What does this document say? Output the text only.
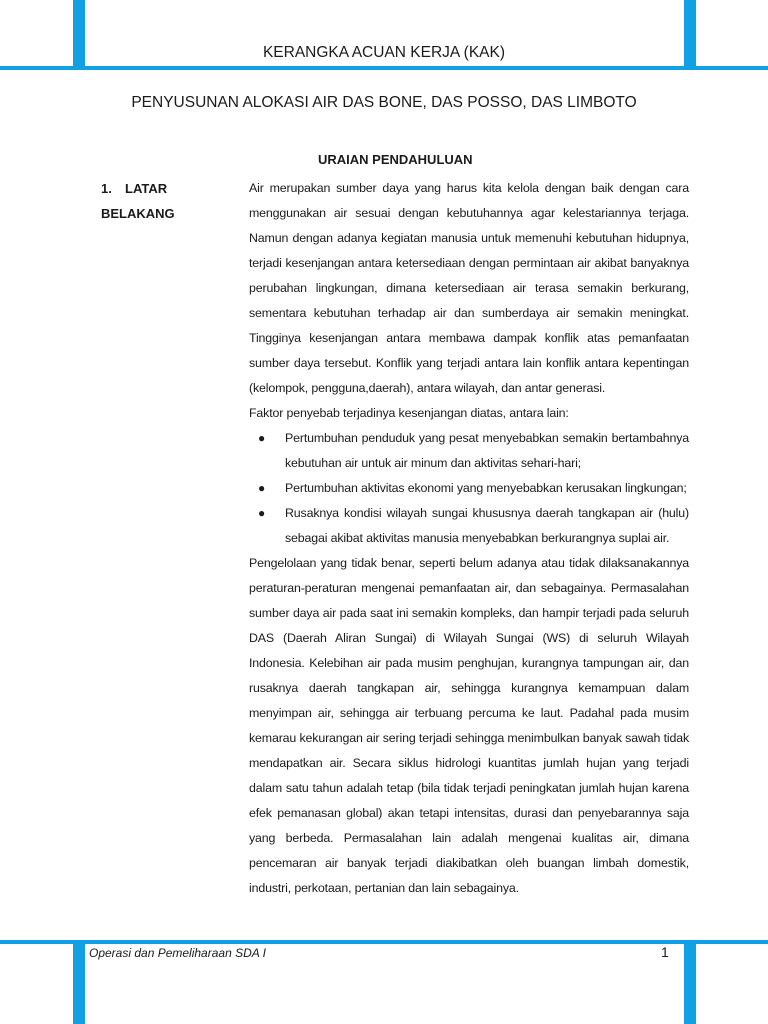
KERANGKA ACUAN KERJA (KAK)
PENYUSUNAN ALOKASI AIR DAS BONE, DAS POSSO, DAS LIMBOTO
URAIAN PENDAHULUAN
1. LATAR
BELAKANG

Air merupakan sumber daya yang harus kita kelola dengan baik dengan cara menggunakan air sesuai dengan kebutuhannya agar kelestariannya terjaga. Namun dengan adanya kegiatan manusia untuk memenuhi kebutuhan hidupnya, terjadi kesenjangan antara ketersediaan dengan permintaan air akibat banyaknya perubahan lingkungan, dimana ketersediaan air terasa semakin berkurang, sementara kebutuhan terhadap air dan sumberdaya air semakin meningkat. Tingginya kesenjangan antara membawa dampak konflik atas pemanfaatan sumber daya tersebut. Konflik yang terjadi antara lain konflik antara kepentingan (kelompok, pengguna,daerah), antara wilayah, dan antar generasi.

Faktor penyebab terjadinya kesenjangan diatas, antara lain:

● Pertumbuhan penduduk yang pesat menyebabkan semakin bertambahnya kebutuhan air untuk air minum dan aktivitas sehari-hari;
● Pertumbuhan aktivitas ekonomi yang menyebabkan kerusakan lingkungan;
● Rusaknya kondisi wilayah sungai khususnya daerah tangkapan air (hulu) sebagai akibat aktivitas manusia menyebabkan berkurangnya suplai air.

Pengelolaan yang tidak benar, seperti belum adanya atau tidak dilaksanakannya peraturan-peraturan mengenai pemanfaatan air, dan sebagainya. Permasalahan sumber daya air pada saat ini semakin kompleks, dan hampir terjadi pada seluruh DAS (Daerah Aliran Sungai) di Wilayah Sungai (WS) di seluruh Wilayah Indonesia. Kelebihan air pada musim penghujan, kurangnya tampungan air, dan rusaknya daerah tangkapan air, sehingga kurangnya kemampuan dalam menyimpan air, sehingga air terbuang percuma ke laut. Padahal pada musim kemarau kekurangan air sering terjadi sehingga menimbulkan banyak sawah tidak mendapatkan air. Secara siklus hidrologi kuantitas jumlah hujan yang terjadi dalam satu tahun adalah tetap (bila tidak terjadi peningkatan jumlah hujan karena efek pemanasan global) akan tetapi intensitas, durasi dan penyebarannya saja yang berbeda. Permasalahan lain adalah mengenai kualitas air, dimana pencemaran air banyak terjadi diakibatkan oleh buangan limbah domestik, industri, perkotaan, pertanian dan lain sebagainya.

Operasi dan Pemeliharaan SDA I	1
